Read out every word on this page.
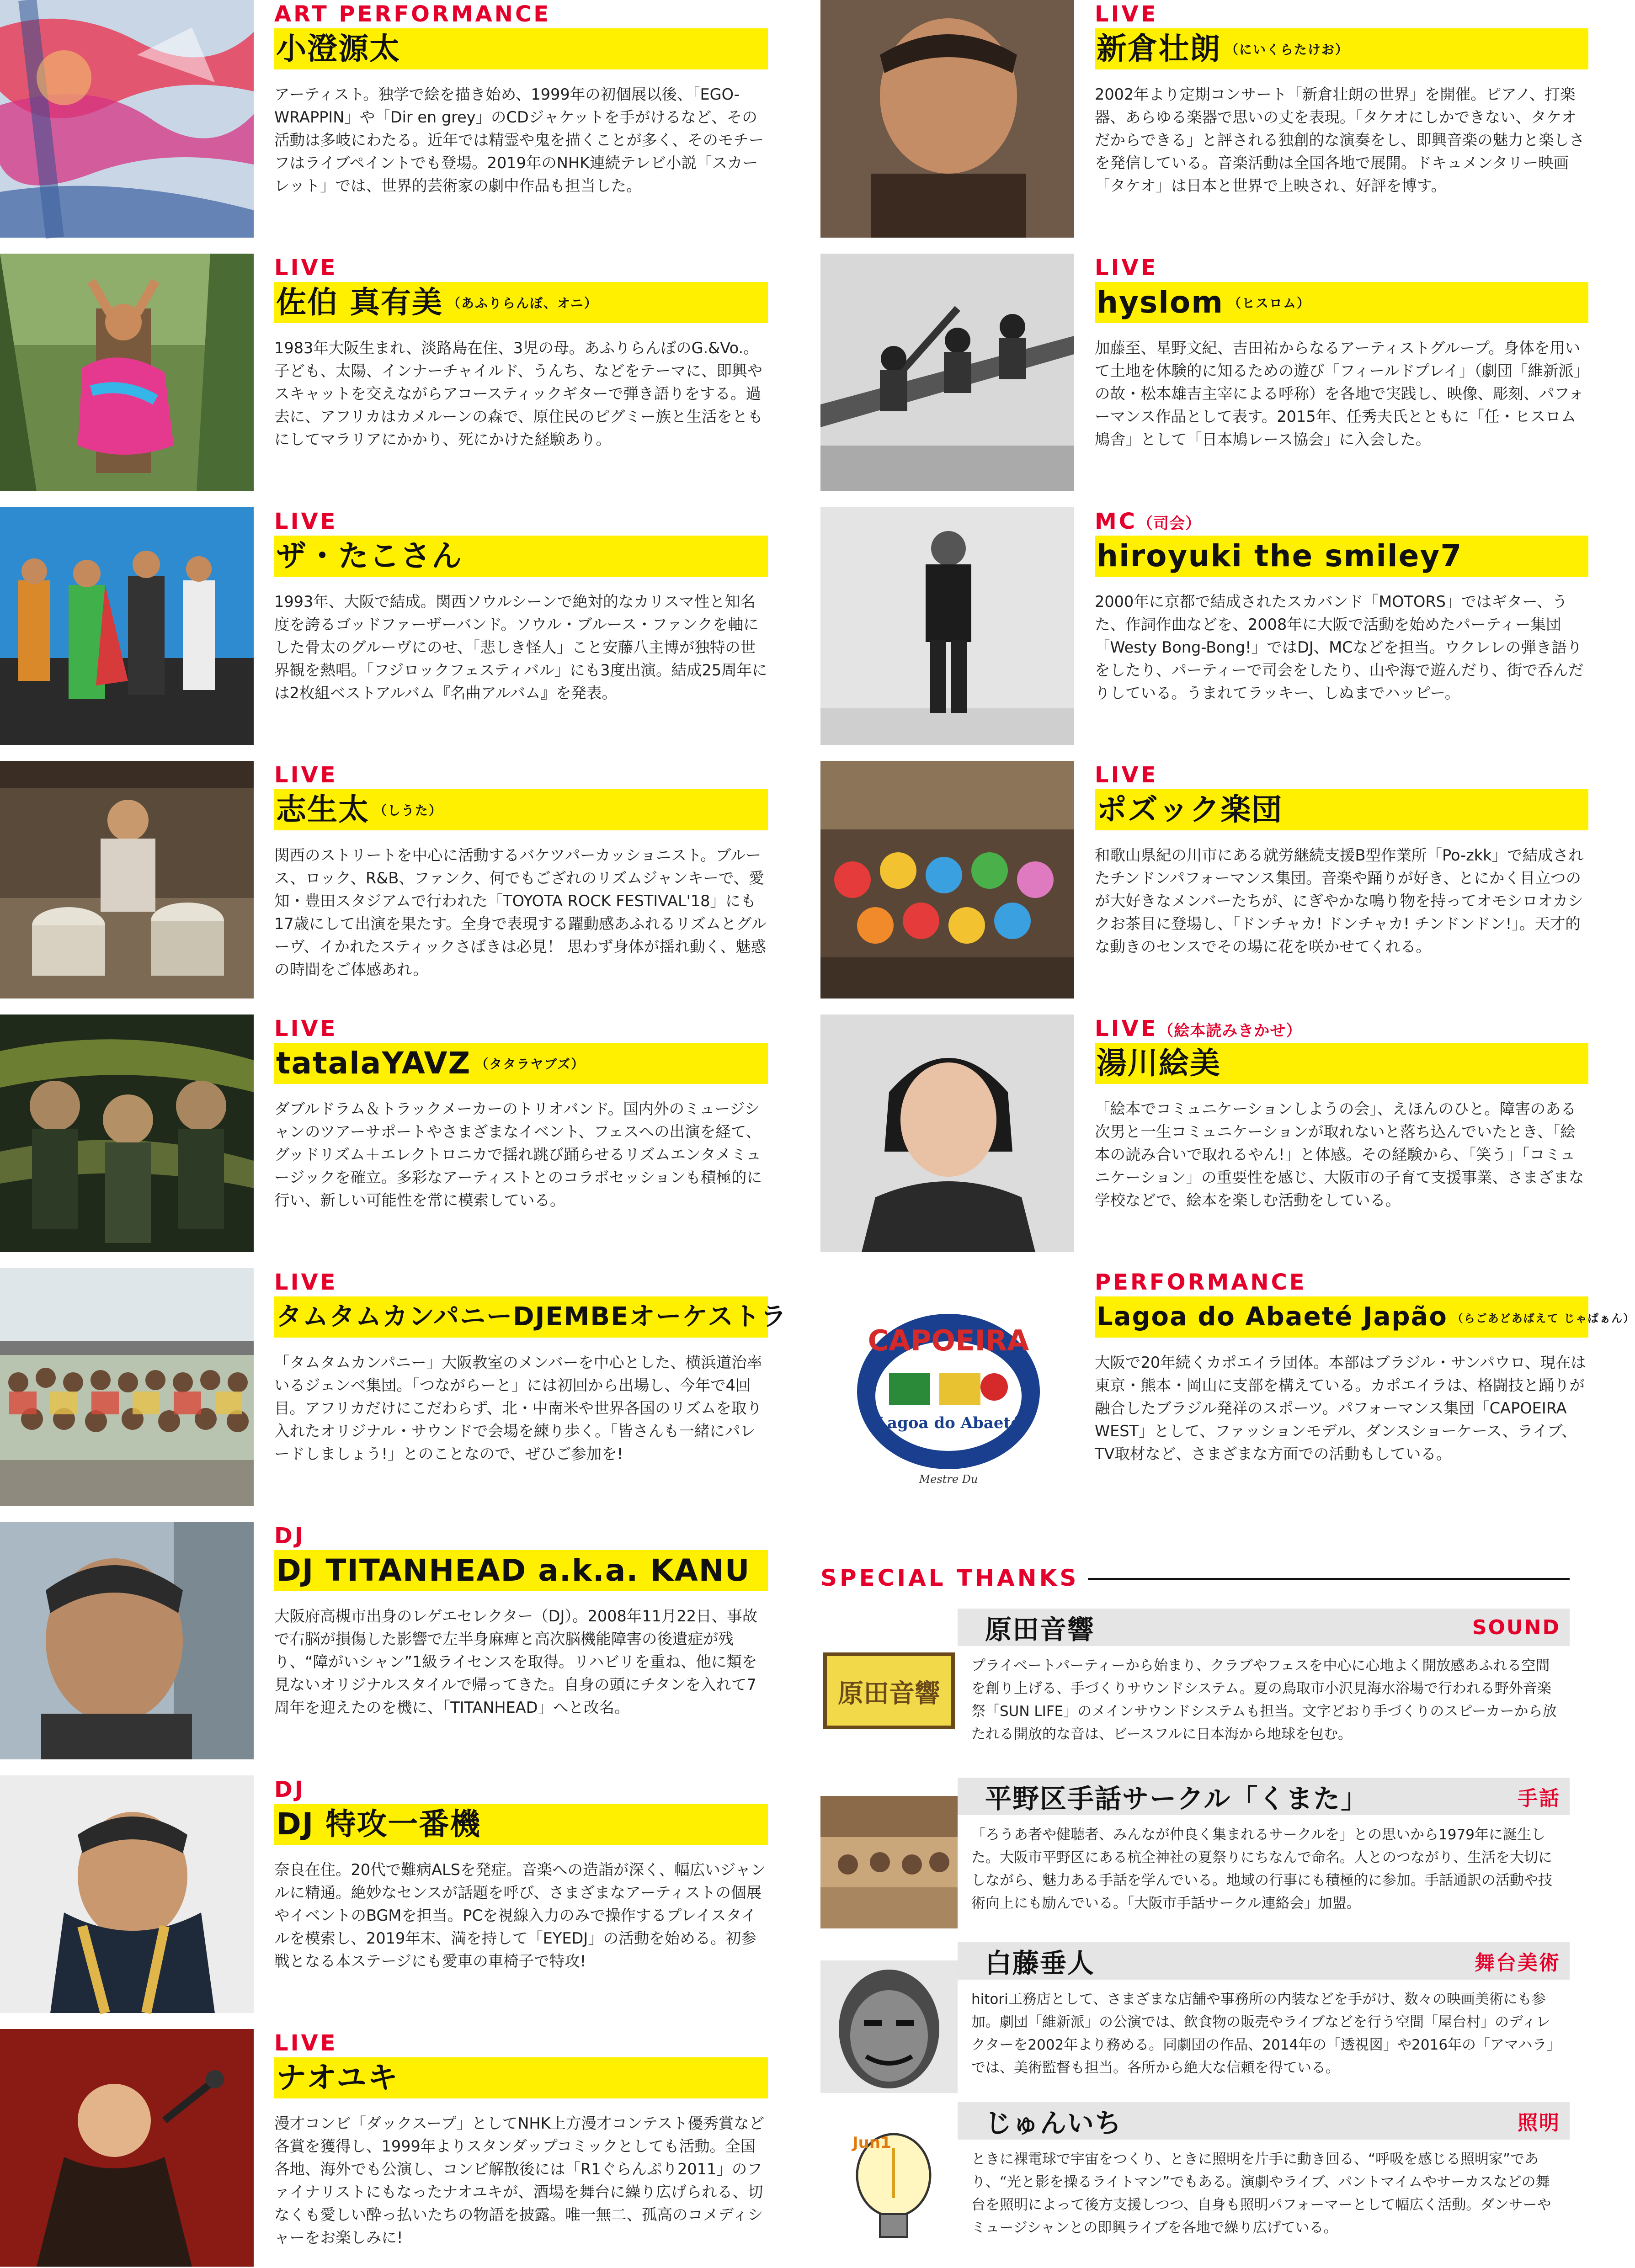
ART PERFORMANCE
小澄源太
アーティスト。独学で絵を描き始め、1999年の初個展以後、「EGO-WRAPPIN」や「Dir en grey」のCDジャケットを手がけるなど、その活動は多岐にわたる。近年では精霊や鬼を描くことが多く、そのモチーフはライブペイントでも登場。2019年のNHK連続テレビ小説「スカーレット」では、世界的芸術家の劇中作品も担当した。
LIVE
佐伯 真有美 （あふりらんぼ、オニ）
1983年大阪生まれ、淡路島在住、3児の母。あふりらんぼのG.&Vo.。子ども、太陽、インナーチャイルド、うんち、などをテーマに、即興やスキャットを交えながらアコースティックギターで弾き語りをする。過去に、アフリカはカメルーンの森で、原住民のピグミー族と生活をともにしてマラリアにかかり、死にかけた経験あり。
LIVE
ザ・たこさん
1993年、大阪で結成。関西ソウルシーンで絶対的なカリスマ性と知名度を誇るゴッドファーザーバンド。ソウル・ブルース・ファンクを軸にした骨太のグルーヴにのせ、「悲しき怪人」こと安藤八主博が独特の世界観を熱唱。「フジロックフェスティバル」にも3度出演。結成25周年には2枚組ベストアルバム『名曲アルバム』を発表。
LIVE
志生太 （しうた）
関西のストリートを中心に活動するバケツパーカッショニスト。ブルース、ロック、R&B、ファンク、何でもござれのリズムジャンキーで、愛知・豊田スタジアムで行われた「TOYOTA ROCK FESTIVAL'18」にも17歳にして出演を果たす。全身で表現する躍動感あふれるリズムとグルーヴ、イかれたスティックさばきは必見！ 思わず身体が揺れ動く、魅惑の時間をご体感あれ。
LIVE
tatalaYAVZ （タタラヤブズ）
ダブルドラム＆トラックメーカーのトリオバンド。国内外のミュージシャンのツアーサポートやさまざまなイベント、フェスへの出演を経て、グッドリズム＋エレクトロニカで揺れ跳び踊らせるリズムエンタメミュージックを確立。多彩なアーティストとのコラボセッションも積極的に行い、新しい可能性を常に模索している。
LIVE
タムタムカンパニーDJEMBEオーケストラ
「タムタムカンパニー」大阪教室のメンバーを中心とした、横浜道治率いるジェンベ集団。「つながらーと」には初回から出場し、今年で4回目。アフリカだけにこだわらず、北・中南米や世界各国のリズムを取り入れたオリジナル・サウンドで会場を練り歩く。「皆さんも一緒にパレードしましょう!」とのことなので、ぜひご参加を!
DJ
DJ TITANHEAD a.k.a. KANU
大阪府高槻市出身のレゲエセレクター（DJ）。2008年11月22日、事故で右脳が損傷した影響で左半身麻痺と高次脳機能障害の後遺症が残り、“障がいシャン”1級ライセンスを取得。リハビリを重ね、他に類を見ないオリジナルスタイルで帰ってきた。自身の頭にチタンを入れて7周年を迎えたのを機に、「TITANHEAD」へと改名。
DJ
DJ 特攻一番機
奈良在住。20代で難病ALSを発症。音楽への造詣が深く、幅広いジャンルに精通。絶妙なセンスが話題を呼び、さまざまなアーティストの個展やイベントのBGMを担当。PCを視線入力のみで操作するプレイスタイルを模索し、2019年末、満を持して「EYEDJ」の活動を始める。初参戦となる本ステージにも愛車の車椅子で特攻!
LIVE
ナオユキ
漫才コンビ「ダックスープ」としてNHK上方漫才コンテスト優秀賞など各賞を獲得し、1999年よりスタンダップコミックとしても活動。全国各地、海外でも公演し、コンビ解散後には「R1ぐらんぷり2011」のファイナリストにもなったナオユキが、酒場を舞台に繰り広げられる、切なくも愛しい酔っ払いたちの物語を披露。唯一無二、孤高のコメディシャーをお楽しみに!
LIVE
新倉壮朗 （にいくらたけお）
2002年より定期コンサート「新倉壮朗の世界」を開催。ピアノ、打楽器、あらゆる楽器で思いの丈を表現。「タケオにしかできない、タケオだからできる」と評される独創的な演奏をし、即興音楽の魅力と楽しさを発信している。音楽活動は全国各地で展開。ドキュメンタリー映画「タケオ」は日本と世界で上映され、好評を博す。
LIVE
hyslom （ヒスロム）
加藤至、星野文紀、吉田祐からなるアーティストグループ。身体を用いて土地を体験的に知るための遊び「フィールドプレイ」（劇団「維新派」の故・松本雄吉主宰による呼称）を各地で実践し、映像、彫刻、パフォーマンス作品として表す。2015年、任秀夫氏とともに「任・ヒスロム鳩舎」として「日本鳩レース協会」に入会した。
MC（司会）
hiroyuki the smiley7
2000年に京都で結成されたスカバンド「MOTORS」ではギター、うた、作詞作曲などを、2008年に大阪で活動を始めたパーティー集団「Westy Bong-Bong!」ではDJ、MCなどを担当。ウクレレの弾き語りをしたり、パーティーで司会をしたり、山や海で遊んだり、街で呑んだりしている。うまれてラッキー、しぬまでハッピー。
LIVE
ポズック楽団
和歌山県紀の川市にある就労継続支援B型作業所「Po-zkk」で結成されたチンドンパフォーマンス集団。音楽や踊りが好き、とにかく目立つのが大好きなメンバーたちが、にぎやかな鳴り物を持ってオモシロオカシクお茶目に登場し、「ドンチャカ! ドンチャカ! チンドンドン!」。天才的な動きのセンスでその場に花を咲かせてくれる。
LIVE（絵本読みきかせ）
湯川絵美
「絵本でコミュニケーションしようの会」、えほんのひと。障害のある次男と一生コミュニケーションが取れないと落ち込んでいたとき、「絵本の読み合いで取れるやん!」と体感。その経験から、「笑う」「コミュニケーション」の重要性を感じ、大阪市の子育て支援事業、さまざまな学校などで、絵本を楽しむ活動をしている。
CAPOEIRA
Lagoa do Abaeté
Mestre Du
PERFORMANCE
Lagoa do Abaeté Japão （らごあどあばえて じゃぱぁん）
大阪で20年続くカポエイラ団体。本部はブラジル・サンパウロ、現在は東京・熊本・岡山に支部を構えている。カポエイラは、格闘技と踊りが融合したブラジル発祥のスポーツ。パフォーマンス集団「CAPOEIRA WEST」として、ファッションモデル、ダンスショーケース、ライブ、TV取材など、さまざまな方面での活動もしている。
SPECIAL THANKS
原田音響
原田音響	SOUND
プライベートパーティーから始まり、クラブやフェスを中心に心地よく開放感あふれる空間を創り上げる、手づくりサウンドシステム。夏の鳥取市小沢見海水浴場で行われる野外音楽祭「SUN LIFE」のメインサウンドシステムも担当。文字どおり手づくりのスピーカーから放たれる開放的な音は、ビースフルに日本海から地球を包む。
平野区手話サークル「くまた」	手話
「ろうあ者や健聴者、みんなが仲良く集まれるサークルを」との思いから1979年に誕生した。大阪市平野区にある杭全神社の夏祭りにちなんで命名。人とのつながり、生活を大切にしながら、魅力ある手話を学んでいる。地域の行事にも積極的に参加。手話通訳の活動や技術向上にも励んでいる。「大阪市手話サークル連絡会」加盟。
白藤垂人	舞台美術
hitori工務店として、さまざまな店舗や事務所の内装などを手がけ、数々の映画美術にも参加。劇団「維新派」の公演では、飲食物の販売やライブなどを行う空間「屋台村」のディレクターを2002年より務める。同劇団の作品、2014年の「透視図」や2016年の「アマハラ」では、美術監督も担当。各所から絶大な信頼を得ている。
Jun1
じゅんいち	照明
ときに裸電球で宇宙をつくり、ときに照明を片手に動き回る、“呼吸を感じる照明家”であり、“光と影を操るライトマン”でもある。演劇やライブ、パントマイムやサーカスなどの舞台を照明によって後方支援しつつ、自身も照明パフォーマーとして幅広く活動。ダンサーやミュージシャンとの即興ライブを各地で繰り広げている。
